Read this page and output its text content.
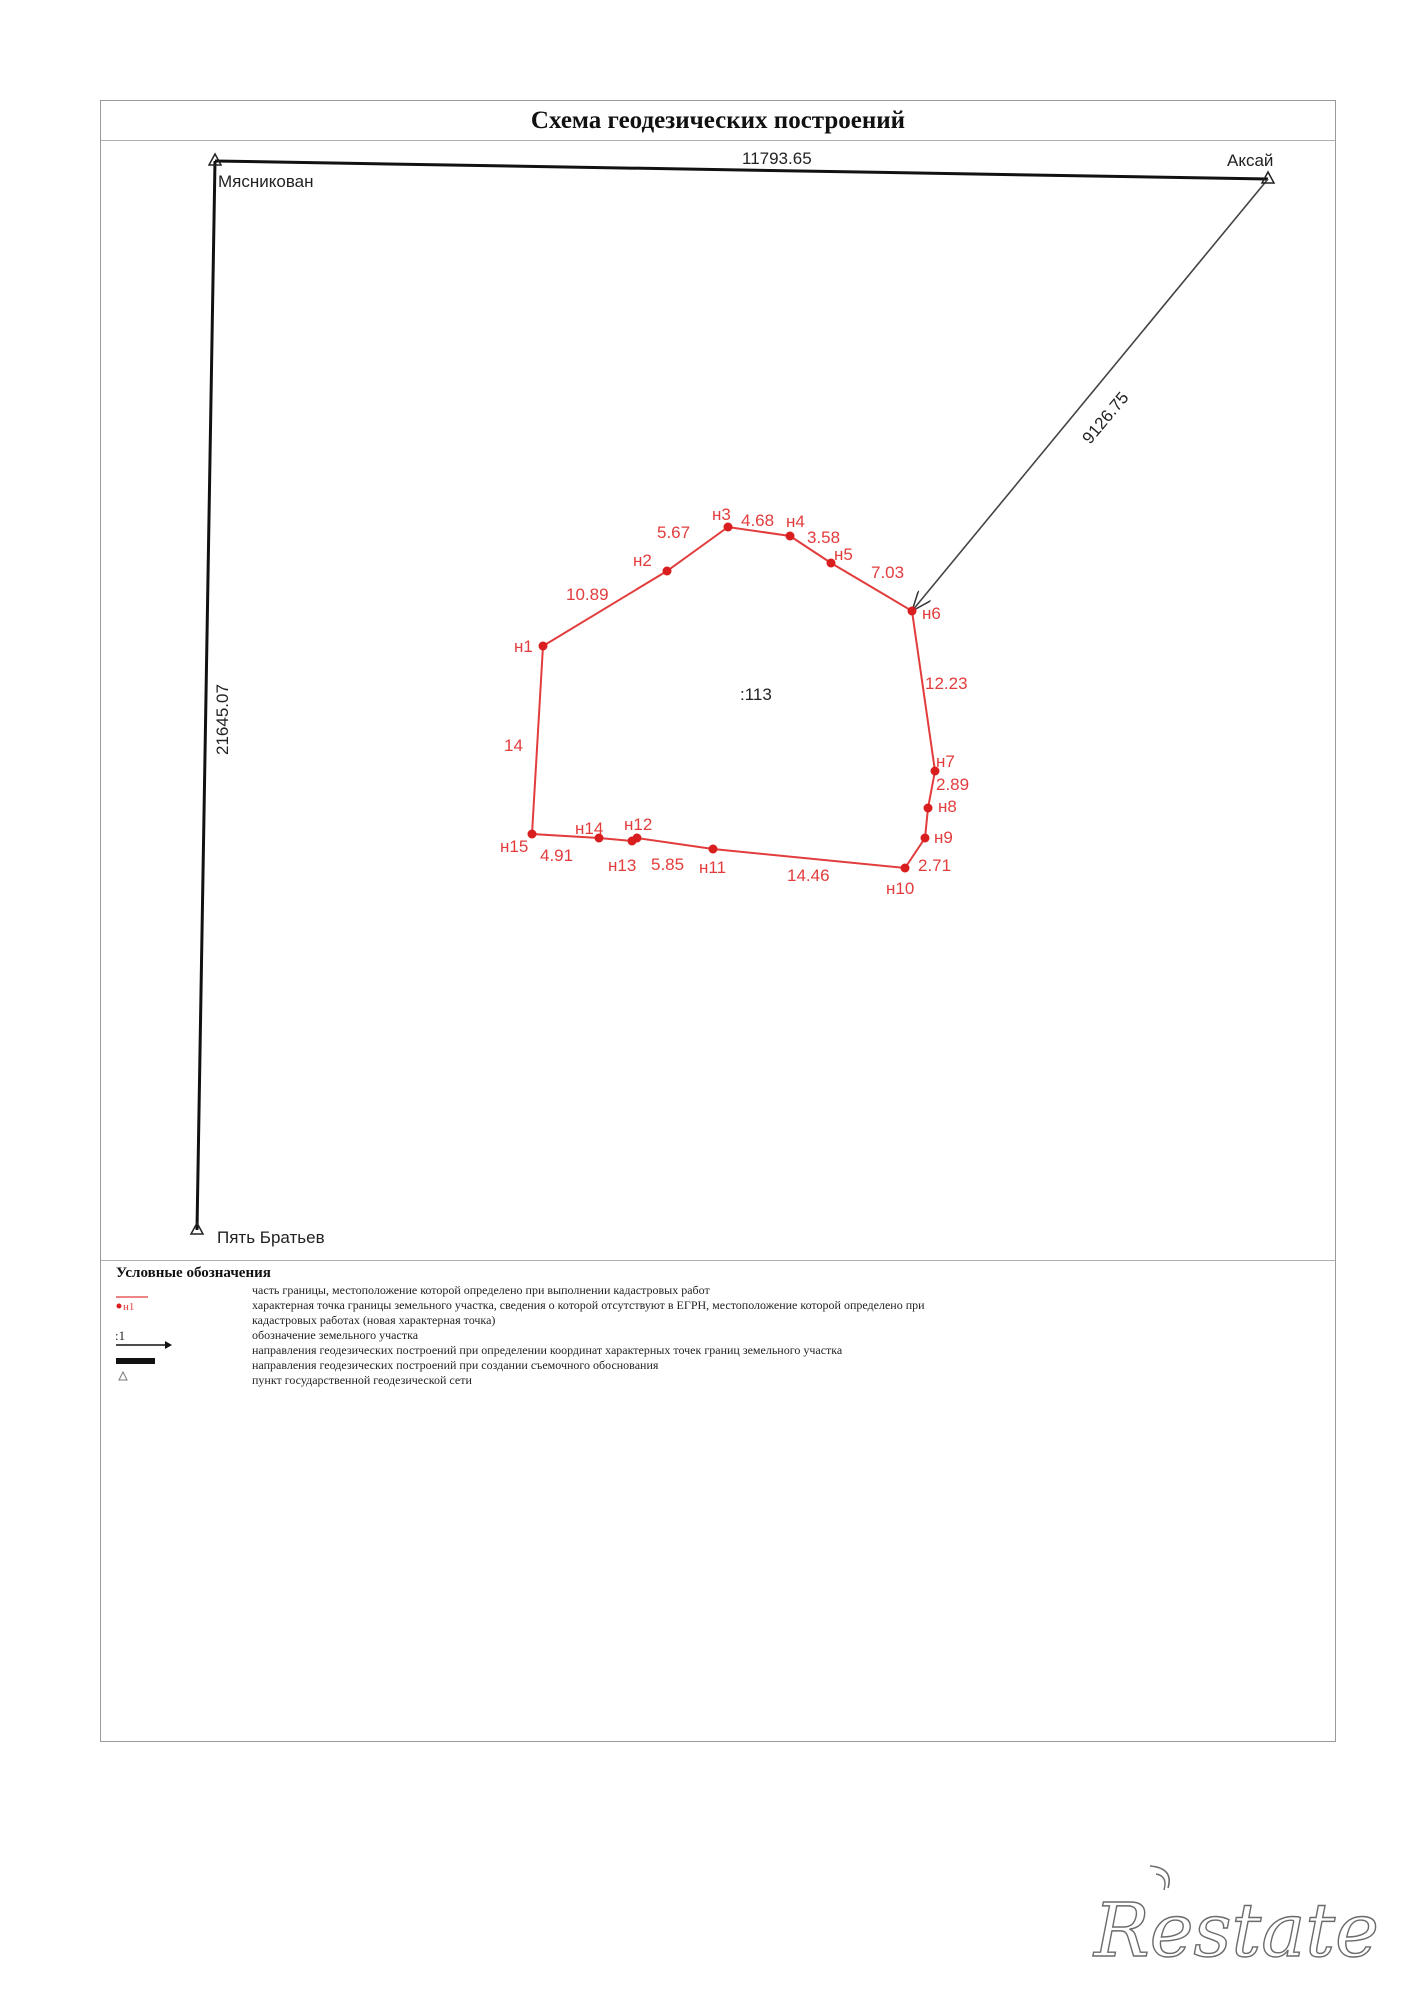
Схема геодезических построений
Мясникован
Аксай
Пять Братьев
11793.65
9126.75
21645.07
н1
н2
н3	н4
н5
н6
н7
н8
н9
н10
н11
н12
н13
н14
н15
10.89
5.67
4.68
3.58
7.03
12.23
2.89
2.71
14.46
5.85
4.91
14
:113
Условные обозначения
часть границы, местоположение которой определено при выполнении кадастровых работ
н1	характерная точка границы земельного участка, сведения о которой отсутствуют в ЕГРН, местоположение которой определено при
кадастровых работах (новая характерная точка)
:1	обозначение земельного участка
направления геодезических построений при определении координат характерных точек границ земельного участка
направления геодезических построений при создании съемочного обоснования
пункт государственной геодезической сети
Restate
